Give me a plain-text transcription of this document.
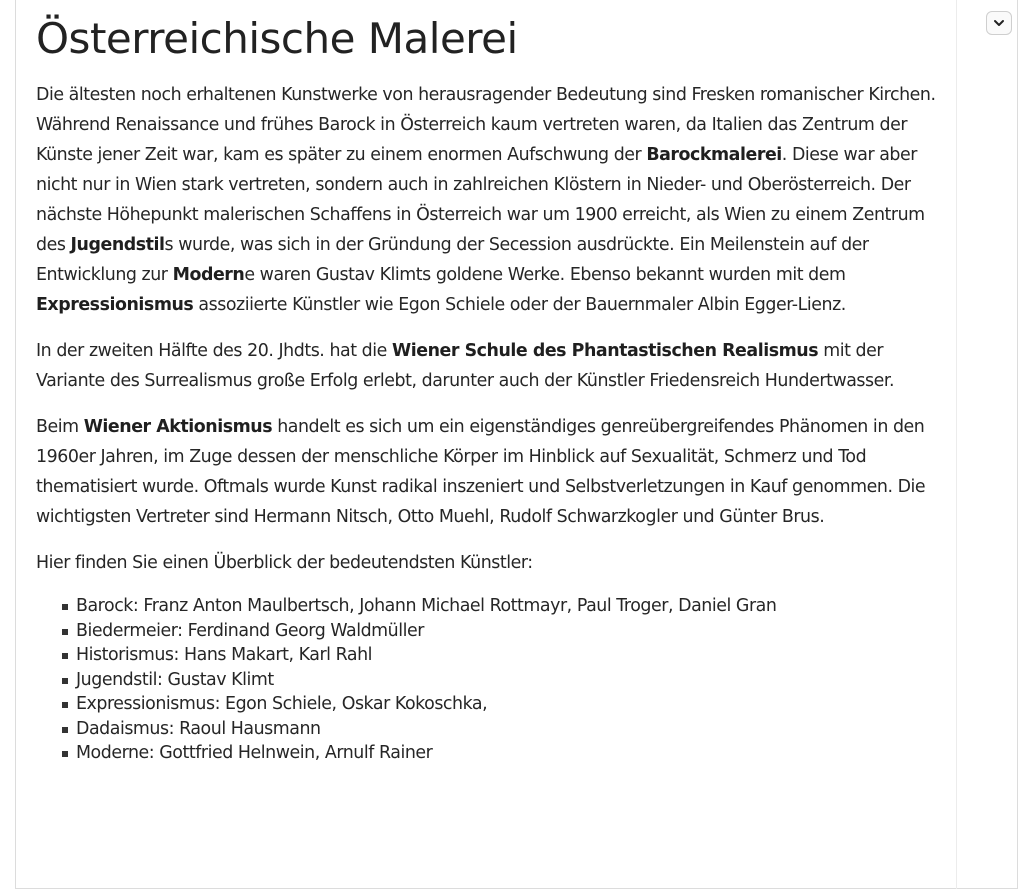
Österreichische Malerei

Die ältesten noch erhaltenen Kunstwerke von herausragender Bedeutung sind Fresken romanischer Kirchen. Während Renaissance und frühes Barock in Österreich kaum vertreten waren, da Italien das Zentrum der Künste jener Zeit war, kam es später zu einem enormen Aufschwung der Barockmalerei. Diese war aber nicht nur in Wien stark vertreten, sondern auch in zahlreichen Klöstern in Nieder- und Oberösterreich. Der nächste Höhepunkt malerischen Schaffens in Österreich war um 1900 erreicht, als Wien zu einem Zentrum des Jugendstils wurde, was sich in der Gründung der Secession ausdrückte. Ein Meilenstein auf der Entwicklung zur Moderne waren Gustav Klimts goldene Werke. Ebenso bekannt wurden mit dem Expressionismus assoziierte Künstler wie Egon Schiele oder der Bauernmaler Albin Egger-Lienz.

In der zweiten Hälfte des 20. Jhdts. hat die Wiener Schule des Phantastischen Realismus mit der Variante des Surrealismus große Erfolg erlebt, darunter auch der Künstler Friedensreich Hundertwasser.

Beim Wiener Aktionismus handelt es sich um ein eigenständiges genreübergreifendes Phänomen in den 1960er Jahren, im Zuge dessen der menschliche Körper im Hinblick auf Sexualität, Schmerz und Tod thematisiert wurde. Oftmals wurde Kunst radikal inszeniert und Selbstverletzungen in Kauf genommen. Die wichtigsten Vertreter sind Hermann Nitsch, Otto Muehl, Rudolf Schwarzkogler und Günter Brus.

Hier finden Sie einen Überblick der bedeutendsten Künstler:

Barock: Franz Anton Maulbertsch, Johann Michael Rottmayr, Paul Troger, Daniel Gran
Biedermeier: Ferdinand Georg Waldmüller
Historismus: Hans Makart, Karl Rahl
Jugendstil: Gustav Klimt
Expressionismus: Egon Schiele, Oskar Kokoschka,
Dadaismus: Raoul Hausmann
Moderne: Gottfried Helnwein, Arnulf Rainer
